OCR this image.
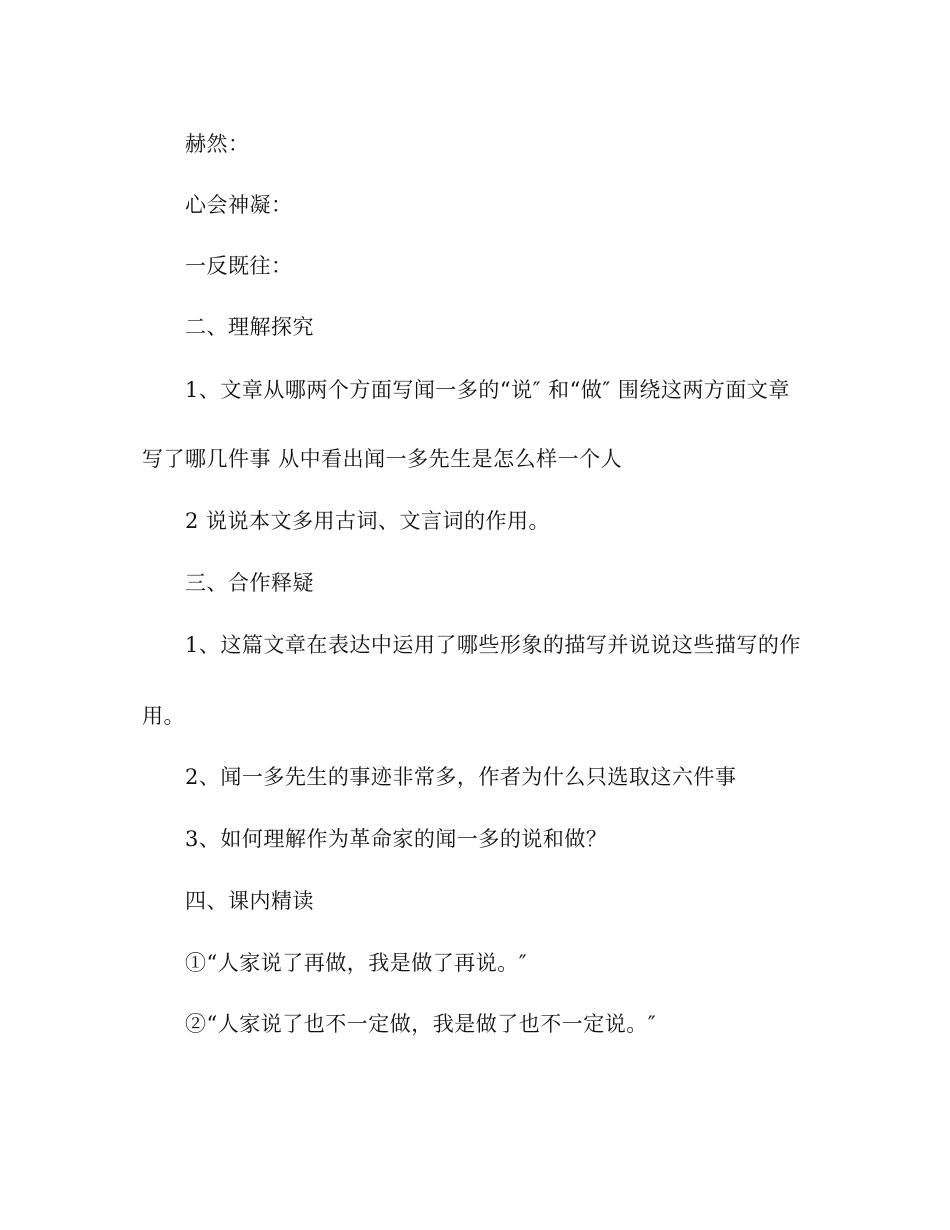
赫然：
心会神凝：
一反既往：
二、理解探究
1、文章从哪两个方面写闻一多的“说″ 和“做″ 围绕这两方面文章
写了哪几件事 从中看出闻一多先生是怎么样一个人
2 说说本文多用古词、文言词的作用。
三、合作释疑
1、这篇文章在表达中运用了哪些形象的描写并说说这些描写的作
用。
2、闻一多先生的事迹非常多，作者为什么只选取这六件事
3、如何理解作为革命家的闻一多的说和做？
四、课内精读
①“人家说了再做，我是做了再说。″
②“人家说了也不一定做，我是做了也不一定说。″
